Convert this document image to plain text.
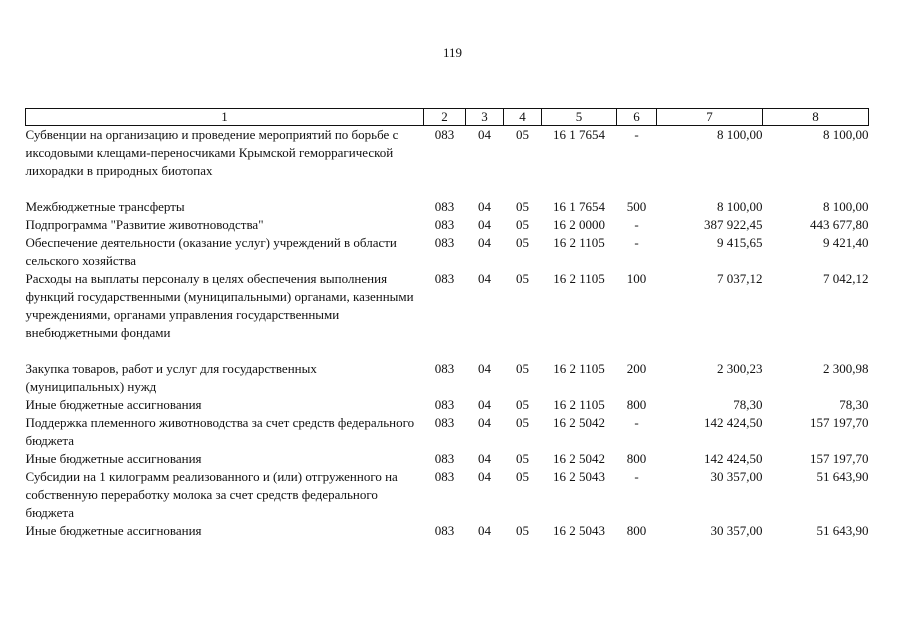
119
1	2	3	4	5	6	7	8
Субвенции на организацию и проведение мероприятий по борьбе с иксодовыми клещами-переносчиками Крымской геморрагической лихорадки в природных биотопах	083	04	05	16 1 7654	-	8 100,00	8 100,00

Межбюджетные трансферты	083	04	05	16 1 7654	500	8 100,00	8 100,00
Подпрограмма "Развитие животноводства"	083	04	05	16 2 0000	-	387 922,45	443 677,80
Обеспечение деятельности (оказание услуг) учреждений в области сельского хозяйства	083	04	05	16 2 1105	-	9 415,65	9 421,40
Расходы на выплаты персоналу в целях обеспечения выполнения функций государственными (муниципальными) органами, казенными учреждениями, органами управления государственными внебюджетными фондами	083	04	05	16 2 1105	100	7 037,12	7 042,12

Закупка товаров, работ и услуг для государственных (муниципальных) нужд	083	04	05	16 2 1105	200	2 300,23	2 300,98
Иные бюджетные ассигнования	083	04	05	16 2 1105	800	78,30	78,30
Поддержка племенного животноводства за счет средств федерального бюджета	083	04	05	16 2 5042	-	142 424,50	157 197,70
Иные бюджетные ассигнования	083	04	05	16 2 5042	800	142 424,50	157 197,70
Субсидии на 1 килограмм реализованного и (или) отгруженного на собственную переработку молока за счет средств федерального бюджета	083	04	05	16 2 5043	-	30 357,00	51 643,90
Иные бюджетные ассигнования	083	04	05	16 2 5043	800	30 357,00	51 643,90
